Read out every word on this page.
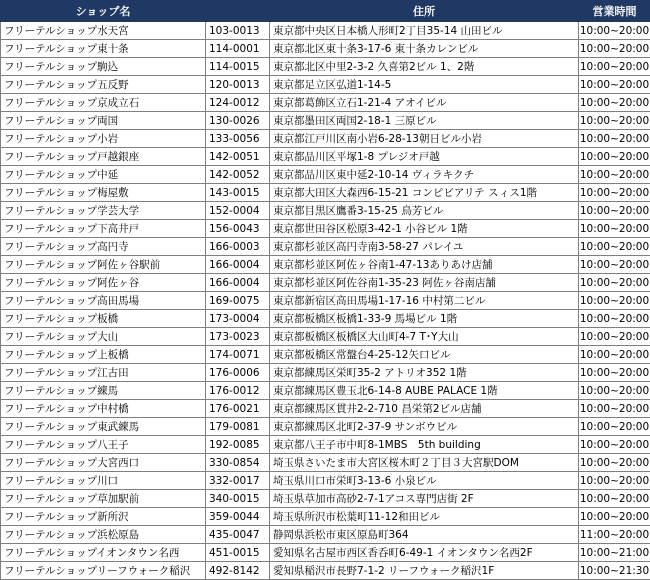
ショップ名		住所	営業時間
フリーテルショップ水天宮	103-0013	東京都中央区日本橋人形町2丁目35-14 山田ビル	10:00~20:00
フリーテルショップ東十条	114-0001	東京都北区東十条3-17-6 東十条カレンビル	10:00~20:00
フリーテルショップ駒込	114-0015	東京都北区中里2-3-2 久喜第2ビル 1、2階	10:00~20:00
フリーテルショップ五反野	120-0013	東京都足立区弘道1-14-5	10:00~20:00
フリーテルショップ京成立石	124-0012	東京都葛飾区立石1-21-4 アオイビル	10:00~20:00
フリーテルショップ両国	130-0026	東京都墨田区両国2-18-1 三原ビル	10:00~20:00
フリーテルショップ小岩	133-0056	東京都江戸川区南小岩6-28-13朝日ビル小岩	10:00~20:00
フリーテルショップ戸越銀座	142-0051	東京都品川区平塚1-8 プレジオ戸越	10:00~20:00
フリーテルショップ中延	142-0052	東京都品川区東中延2-10-14 ヴィラキクチ	10:00~20:00
フリーテルショップ梅屋敷	143-0015	東京都大田区大森西6-15-21 コンピビアリテ スィス1階	10:00~20:00
フリーテルショップ学芸大学	152-0004	東京都目黒区鷹番3-15-25 鳥芳ビル	10:00~20:00
フリーテルショップ下高井戸	156-0043	東京都世田谷区松原3-42-1 小谷ビル 1階	10:00~20:00
フリーテルショップ高円寺	166-0003	東京都杉並区高円寺南3-58-27 パレイユ	10:00~20:00
フリーテルショップ阿佐ヶ谷駅前	166-0004	東京都杉並区阿佐ヶ谷南1-47-13ありあけ店舗	10:00~20:00
フリーテルショップ阿佐ヶ谷	166-0004	東京都杉並区阿佐谷南1-35-23 阿佐ヶ谷南店舗	10:00~20:00
フリーテルショップ高田馬場	169-0075	東京都新宿区高田馬場1-17-16 中村第二ビル	10:00~20:00
フリーテルショップ板橋	173-0004	東京都板橋区板橋1-33-9 馬場ビル 1階	10:00~20:00
フリーテルショップ大山	173-0023	東京都板橋区板橋区大山町4-7 T･Y大山	10:00~20:00
フリーテルショップ上板橋	174-0071	東京都板橋区常盤台4-25-12矢口ビル	10:00~20:00
フリーテルショップ江古田	176-0006	東京都練馬区栄町35-2 アトリオ352 1階	10:00~20:00
フリーテルショップ練馬	176-0012	東京都練馬区豊玉北6-14-8 AUBE PALACE 1階	10:00~20:00
フリーテルショップ中村橋	176-0021	東京都練馬区貫井2-2-710 昌栄第2ビル店舗	10:00~20:00
フリーテルショップ東武練馬	179-0081	東京都練馬区北町2-37-9 サンボウビル	10:00~20:00
フリーテルショップ八王子	192-0085	東京都八王子市中町8-1MBS　5th building	10:00~20:00
フリーテルショップ大宮西口	330-0854	埼玉県さいたま市大宮区桜木町２丁目３大宮駅DOM	10:00~20:00
フリーテルショップ川口	332-0017	埼玉県川口市栄町3-13-6 小泉ビル	10:00~20:00
フリーテルショップ草加駅前	340-0015	埼玉県草加市高砂2-7-1アコス専門店街 2F	10:00~20:00
フリーテルショップ新所沢	359-0044	埼玉県所沢市松葉町11-12和田ビル	10:00~20:00
フリーテルショップ浜松原島	435-0047	静岡県浜松市東区原島町364	11:00~20:00
フリーテルショップイオンタウン名西	451-0015	愛知県名古屋市西区香呑町6-49-1 イオンタウン名西2F	10:00~21:00
フリーテルショップリーフウォーク稲沢	492-8142	愛知県稲沢市長野7-1-2 リーフウォーク稲沢1F	10:00~21:30
